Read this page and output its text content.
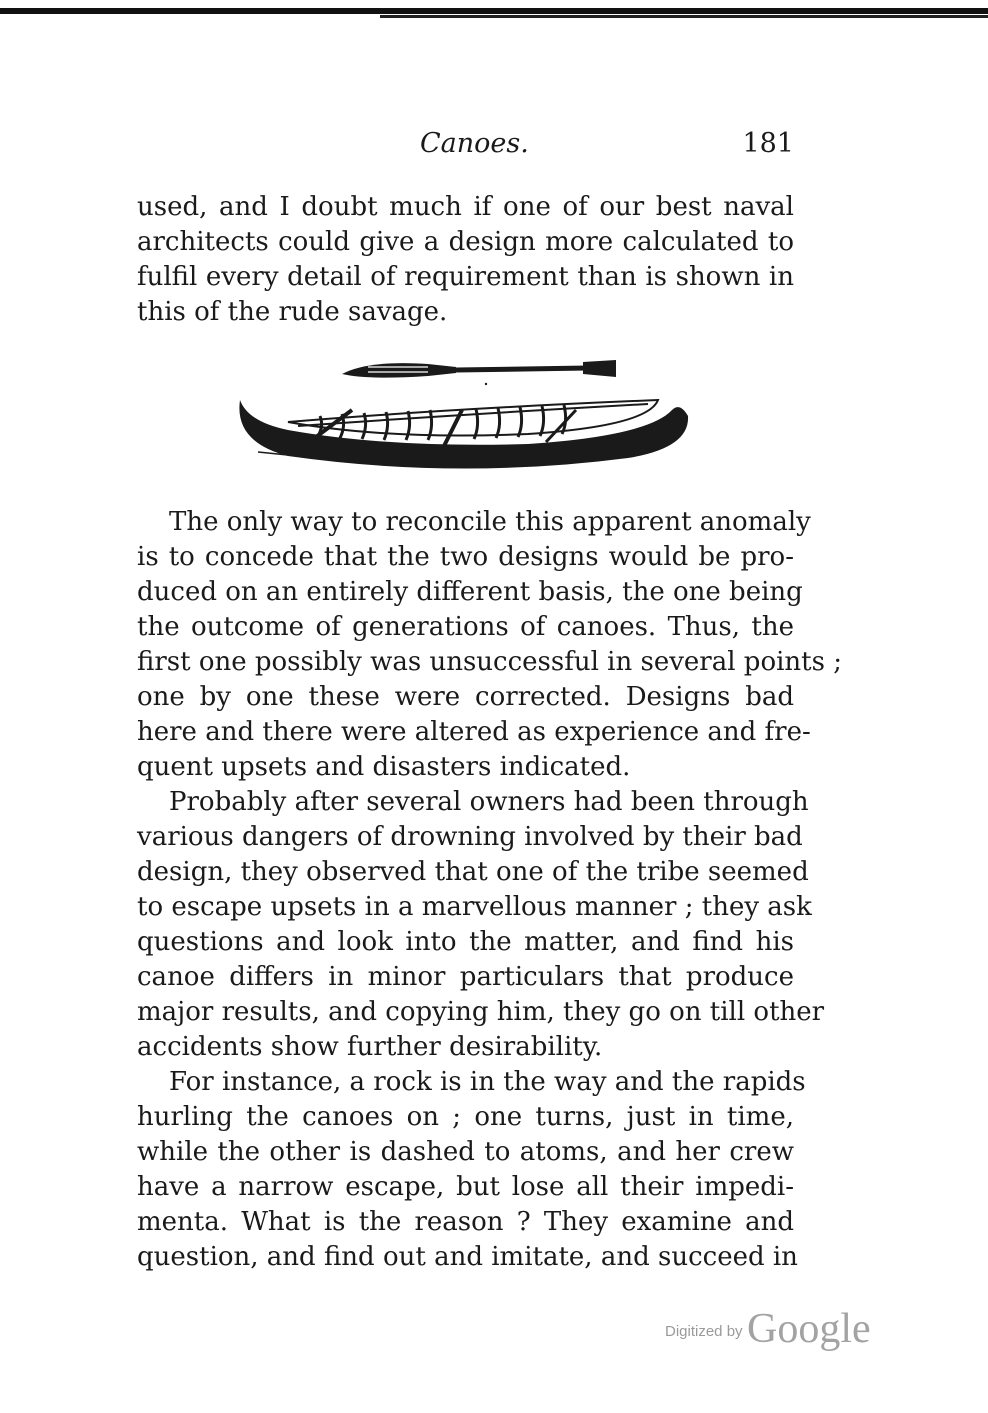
Canoes.	181
used, and I doubt much if one of our best naval
architects could give a design more calculated to
fulfil every detail of requirement than is shown in
this of the rude savage.
The only way to reconcile this apparent anomaly
is to concede that the two designs would be pro-
duced on an entirely different basis, the one being
the outcome of generations of canoes. Thus, the
first one possibly was unsuccessful in several points ;
one by one these were corrected. Designs bad
here and there were altered as experience and fre-
quent upsets and disasters indicated.
Probably after several owners had been through
various dangers of drowning involved by their bad
design, they observed that one of the tribe seemed
to escape upsets in a marvellous manner ; they ask
questions and look into the matter, and find his
canoe differs in minor particulars that produce
major results, and copying him, they go on till other
accidents show further desirability.
For instance, a rock is in the way and the rapids
hurling the canoes on ; one turns, just in time,
while the other is dashed to atoms, and her crew
have a narrow escape, but lose all their impedi-
menta. What is the reason ? They examine and
question, and find out and imitate, and succeed in
Digitized by Google
